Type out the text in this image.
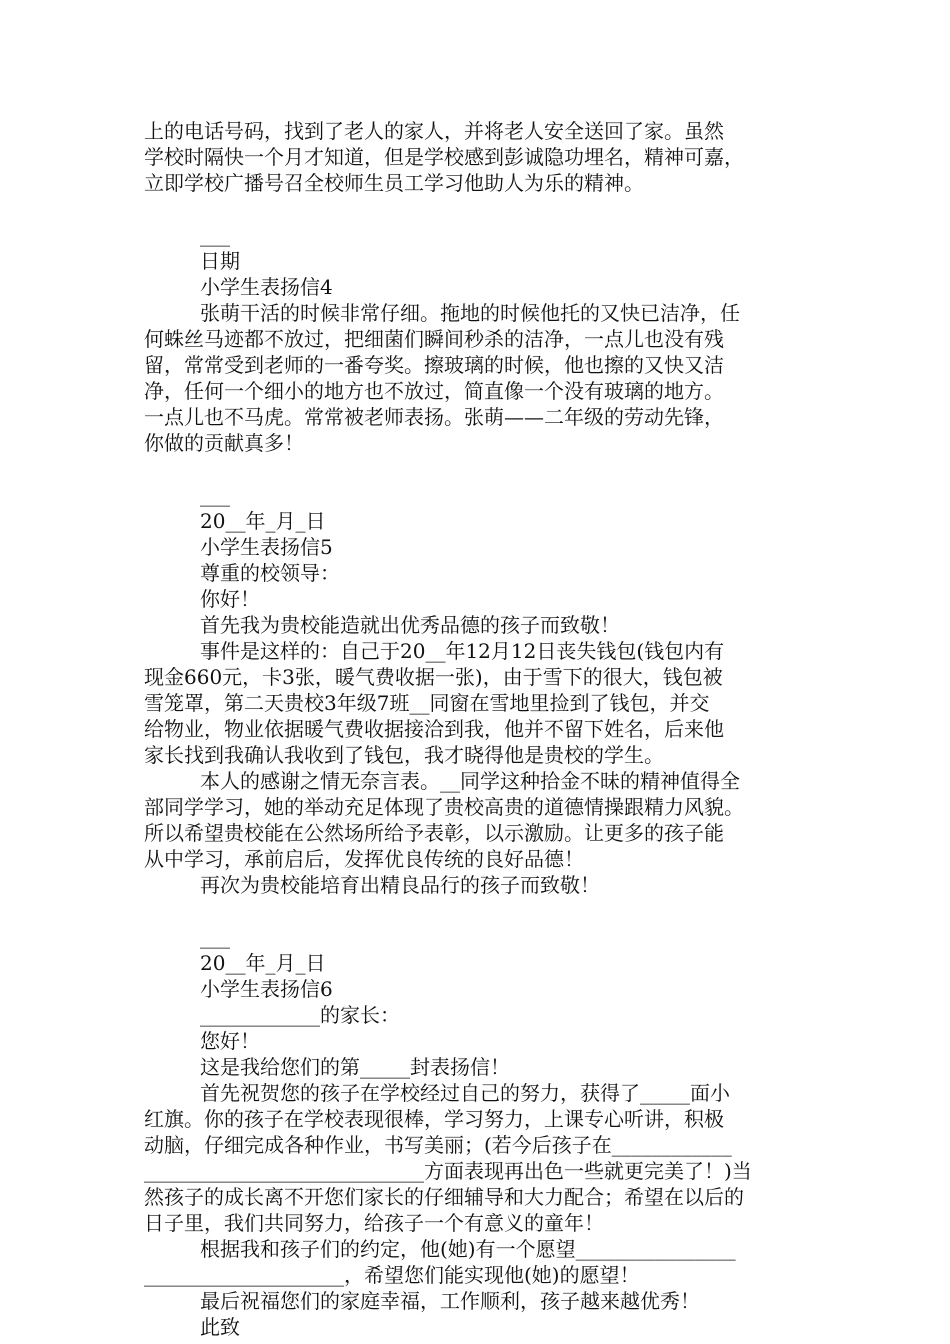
上的电话号码，找到了老人的家人，并将老人安全送回了家。虽然
学校时隔快一个月才知道，但是学校感到彭诚隐功埋名，精神可嘉，
立即学校广播号召全校师生员工学习他助人为乐的精神。
___
日期
小学生表扬信4
张萌干活的时候非常仔细。拖地的时候他托的又快已洁净，任
何蛛丝马迹都不放过，把细菌们瞬间秒杀的洁净，一点儿也没有残
留，常常受到老师的一番夸奖。擦玻璃的时候，他也擦的又快又洁
净，任何一个细小的地方也不放过，简直像一个没有玻璃的地方。
一点儿也不马虎。常常被老师表扬。张萌——二年级的劳动先锋，
你做的贡献真多！
___
20__年_月_日
小学生表扬信5
尊重的校领导：
你好！
首先我为贵校能造就出优秀品德的孩子而致敬！
事件是这样的：自己于20__年12月12日丧失钱包(钱包内有
现金660元，卡3张，暖气费收据一张)，由于雪下的很大，钱包被
雪笼罩，第二天贵校3年级7班__同窗在雪地里捡到了钱包，并交
给物业，物业依据暖气费收据接洽到我，他并不留下姓名，后来他
家长找到我确认我收到了钱包，我才晓得他是贵校的学生。
本人的感谢之情无奈言表。__同学这种拾金不昧的精神值得全
部同学学习，她的举动充足体现了贵校高贵的道德情操跟精力风貌。
所以希望贵校能在公然场所给予表彰，以示激励。让更多的孩子能
从中学习，承前启后，发挥优良传统的良好品德！
再次为贵校能培育出精良品行的孩子而致敬！
___
20__年_月_日
小学生表扬信6
____________的家长：
您好！
这是我给您们的第_____封表扬信！
首先祝贺您的孩子在学校经过自己的努力，获得了_____面小
红旗。你的孩子在学校表现很棒，学习努力，上课专心听讲，积极
动脑，仔细完成各种作业，书写美丽；(若今后孩子在____________
____________________________方面表现再出色一些就更完美了！)当
然孩子的成长离不开您们家长的仔细辅导和大力配合；希望在以后的
日子里，我们共同努力，给孩子一个有意义的童年！
根据我和孩子们的约定，他(她)有一个愿望________________
____________________，希望您们能实现他(她)的愿望！
最后祝福您们的家庭幸福，工作顺利，孩子越来越优秀！
此致
